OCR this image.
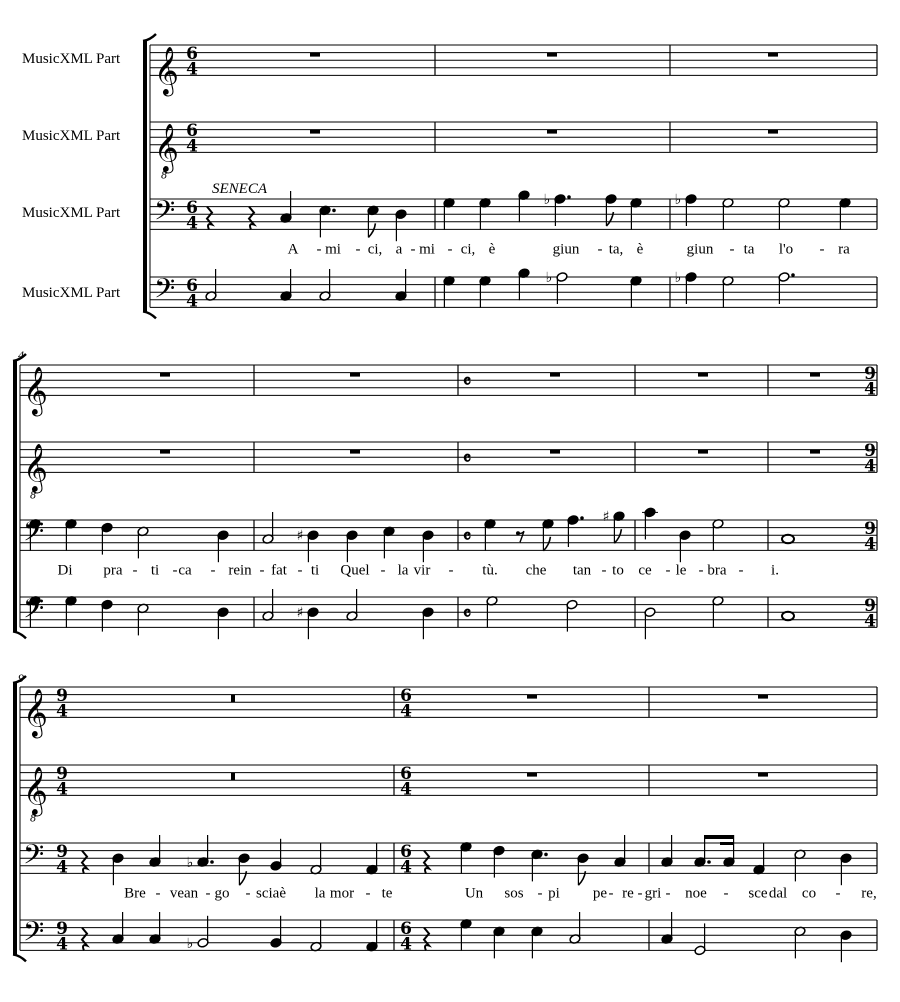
♭	♭
♭	♭
♯
♯
♯
♭
♭
MusicXML Part
MusicXML Part
MusicXML Part
MusicXML Part
SENECA
4
9
𝄞
𝄞
8
𝄢
𝄢
𝄞
𝄞
8
𝄢
𝄢
𝄞
𝄞
8
𝄢
𝄢
6
4
6
4
6
4
6
4
𝄴	9
4
𝄴	9
4
𝄴	9
4
𝄴	9
4
9
4
6
4
9
4
6
4
9
4
6
4
9
4
6
4
A - mi - ci, a - mi - ci, è	giun - ta, è	giun - ta l'o - ra
Di pra - ti - ca - rein - fat - ti Quel - la vir - tù. che tan - to ce - le - bra - i.
Bre - vean - go - sciaè la mor - te	Un sos - pi pe - re - gri - noe - sce dal co - re,
